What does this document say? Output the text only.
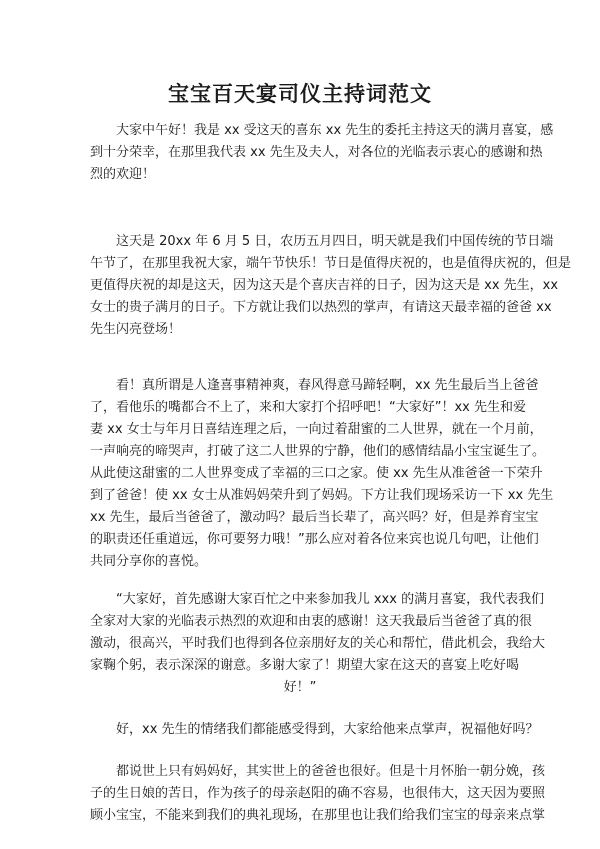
宝宝百天宴司仪主持词范文
大家中午好！我是 xx 受这天的喜东 xx 先生的委托主持这天的满月喜宴，感
到十分荣幸，在那里我代表 xx 先生及夫人，对各位的光临表示衷心的感谢和热
烈的欢迎！
这天是 20xx 年 6 月 5 日，农历五月四日，明天就是我们中国传统的节日端
午节了，在那里我祝大家，端午节快乐！节日是值得庆祝的，也是值得庆祝的，但是
更值得庆祝的却是这天，因为这天是个喜庆吉祥的日子，因为这天是 xx 先生，xx
女士的贵子满月的日子。下方就让我们以热烈的掌声，有请这天最幸福的爸爸 xx
先生闪亮登场！
看！真所谓是人逢喜事精神爽，春风得意马蹄轻啊，xx 先生最后当上爸爸
了，看他乐的嘴都合不上了，来和大家打个招呼吧！“大家好”！xx 先生和爱
妻 xx 女士与年月日喜结连理之后，一向过着甜蜜的二人世界，就在一个月前，
一声响亮的啼哭声，打破了这二人世界的宁静，他们的感情结晶小宝宝诞生了。
从此使这甜蜜的二人世界变成了幸福的三口之家。使 xx 先生从准爸爸一下荣升
到了爸爸！使 xx 女士从准妈妈荣升到了妈妈。下方让我们现场采访一下 xx 先生
xx 先生，最后当爸爸了，激动吗？最后当长辈了，高兴吗？好，但是养育宝宝
的职责还任重道远，你可要努力哦！”那么应对着各位来宾也说几句吧，让他们
共同分享你的喜悦。
“大家好，首先感谢大家百忙之中来参加我儿 xxx 的满月喜宴，我代表我们
全家对大家的光临表示热烈的欢迎和由衷的感谢！这天我最后当爸爸了真的很
激动，很高兴，平时我们也得到各位亲朋好友的关心和帮忙，借此机会，我给大
家鞠个躬，表示深深的谢意。多谢大家了！期望大家在这天的喜宴上吃好喝
好！”
好，xx 先生的情绪我们都能感受得到，大家给他来点掌声，祝福他好吗？
都说世上只有妈妈好，其实世上的爸爸也很好。但是十月怀胎一朝分娩，孩
子的生日娘的苦日，作为孩子的母亲赵阳的确不容易，也很伟大，这天因为要照
顾小宝宝，不能来到我们的典礼现场，在那里也让我们给我们宝宝的母亲来点掌
